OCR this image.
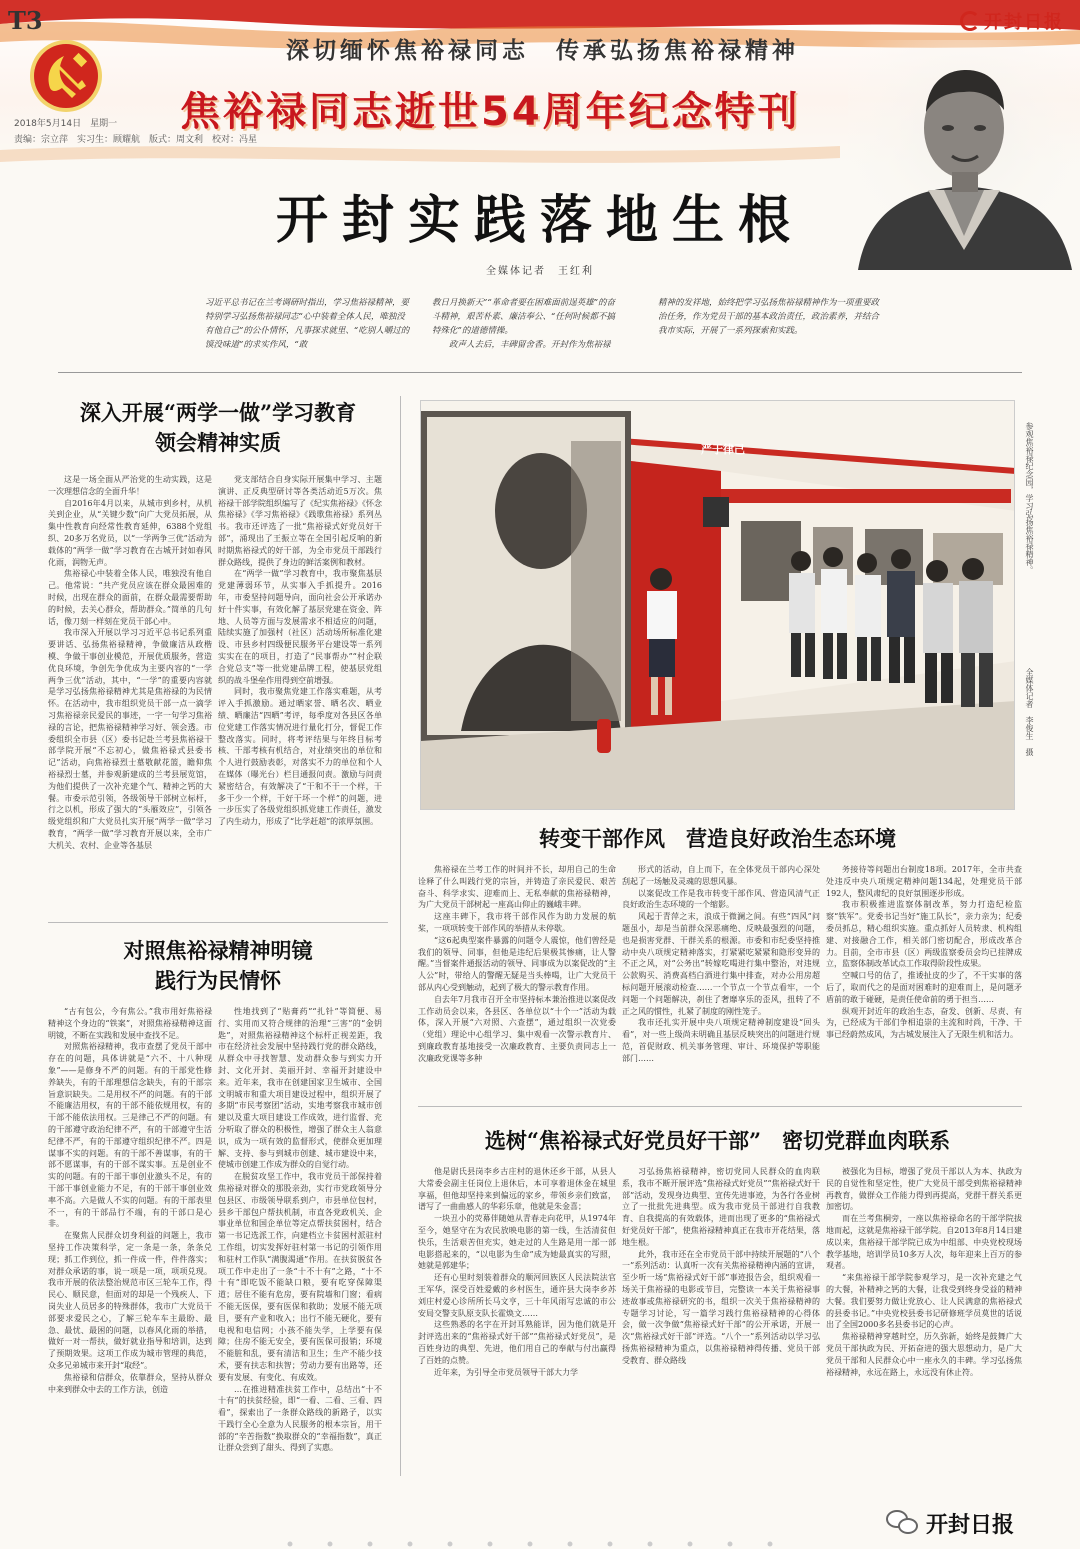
T3	开封日报
深切缅怀焦裕禄同志　传承弘扬焦裕禄精神
焦裕禄同志逝世54周年纪念特刊
2018年5月14日　星期一
责编：宗立萍　实习生：顾耀航　版式：周文利　校对：冯星
开封实践落地生根
全媒体记者　王红利
习近平总书记在兰考调研时指出，学习焦裕禄精神，要特别学习弘扬焦裕禄同志“心中装着全体人民，唯独没有他自己”的公仆情怀，凡事探求就里、“吃别人嚼过的馍没味道”的求实作风，“敢
教日月换新天”“革命者要在困难面前逞英雄”的奋斗精神，艰苦朴素、廉洁奉公、“任何时候都不搞特殊化”的道德情操。
政声人去后，丰碑留舍香。开封作为焦裕禄
精神的发祥地，始终把学习弘扬焦裕禄精神作为一项重要政治任务，作为党员干部的基本政治责任，政治素养，并结合我市实际，开展了一系列探索和实践。
深入开展“两学一做”学习教育
领会精神实质

这是一场全面从严治党的生动实践，这是一次理想信念的全面升华！

自2016年4月以来，从城市到乡村，从机关到企业，从“关键少数”向广大党员拓展，从集中性教育向经常性教育延伸，6388个党组织、20多万名党员，以“一学两争三优”活动为载体的“两学一做”学习教育在古城开封如春风化雨，润物无声。

焦裕禄心中装着全体人民，唯独没有他自己。他常说：“共产党员应该在群众最困难的时候，出现在群众的面前，在群众最需要帮助的时候，去关心群众，帮助群众。”简单的几句话，像刀刻一样刻在党员干部心中。

我市深入开展以学习习近平总书记系列重要讲话、弘扬焦裕禄精神，争做廉洁从政楷模、争做干事创业模范，开展优质服务，营造优良环境，争创先争优成为主要内容的“一学两争三优”活动，其中，“一学”的重要内容就是学习弘扬焦裕禄精神尤其是焦裕禄的为民情怀。在活动中，我市组织党员干部一点一滴学习焦裕禄亲民爱民的事迹，一字一句学习焦裕禄的言论，把焦裕禄精神学习好、领会透。市委组织全市县（区）委书记赴兰考县焦裕禄干部学院开展“不忘初心，做焦裕禄式县委书记”活动，向焦裕禄烈士墓敬献花篮，瞻仰焦裕禄烈士墓，并参观新建成的兰考县展览馆，为他们提供了一次补充建个气、精神之钙的大餐。市委示范引领，各级领导干部树立标杆，行之以机，形成了强大的“头雁效应”，引领各级党组织和广大党员扎实开展“两学一做”学习教育，“两学一做”学习教育开展以来，全市广大机关、农村、企业等各基层

党支部结合自身实际开展集中学习、主题演讲、正反典型研讨等各类活动近5万次。焦裕禄干部学院组织编写了《纪实焦裕禄》《怀念焦裕禄》《学习焦裕禄》《践歌焦裕禄》系列丛书。我市还评选了一批“焦裕禄式好党员好干部”，涌现出了王振立等在全国引起反响的新时期焦裕禄式的好干部，为全市党员干部践行群众路线，提供了身边的鲜活案例和教材。

在“两学一做”学习教育中，我市聚焦基层党建薄弱环节，从实事入手抓提升。2016年，市委坚持问题导向，面向社会公开承诺办好十件实事，有效化解了基层党建在资金、阵地、人员等方面与发展需求不相适应的问题，陆续实施了加强村（社区）活动场所标准化建设、市县乡村四级便民服务平台建设等一系列实实在在的项目，打造了“民事帮办”“村企联合党总支”等一批党建品牌工程，使基层党组织的战斗堡垒作用得到空前增强。

同时，我市聚焦党建工作落实难题，从考评入手抓激励。通过晒家誉、晒名次、晒业绩、晒廉洁“四晒”考评，每季度对各县区各单位党建工作落实情况进行量化打分，督促工作整改落实。同时，将考评结果与年终目标考核、干部考核有机结合，对业绩突出的单位和个人进行鼓励表彰，对落实不力的单位和个人在媒体（曝光台）栏目通报问责。激励与问责紧密结合，有效解决了“干和不干一个样，干多干少一个样，干好干坏一个样”的问题，进一步压实了各级党组织抓党建工作责任，激发了内生动力，形成了“比学赶超”的浓厚氛围。

对照焦裕禄精神明镜
践行为民情怀

“古有包公，今有焦公。”我市用好焦裕禄精神这个身边的“铁案”，对照焦裕禄精神这面明镜，不断在实践和发展中查找不足。

对照焦裕禄精神，我市查摆了党员干部中存在的问题，具体讲就是“六不、十八种现象”——是修身不严的问题。有的干部党性修养缺失，有的干部理想信念缺失，有的干部宗旨意识缺失。二是用权不严的问题。有的干部不能廉洁用权，有的干部不能依规用权，有的干部不能依法用权。三是律己不严的问题。有的干部遵守政治纪律不严，有的干部遵守生活纪律不严，有的干部遵守组织纪律不严。四是谋事不实的问题。有的干部不善谋事，有的干部不愿谋事，有的干部不谋实事。五是创业不实的问题。有的干部干事创业激头不足，有的干部干事创业能力不足，有的干部干事创业效率不高。六是做人不实的问题。有的干部表里不一，有的干部品行不端，有的干部口是心非。

在聚焦人民群众切身利益的问题上，我市坚持工作决策科学，定一条是一条，条条兑现；抓工作到位，抓一件成一件，件件落实；对群众承诺的事，说一项是一项，项项兑现。我市开展的依法整治规范市区三轮车工作，得民心、顺民意，但面对的却是一个残疾人、下岗失业人员居多的特殊群体，我市广大党员干部要求爱民之心，了解三轮车车主最盼、最急、最忧、最困的问题，以春风化雨的举措，做好一对一帮扶，做好就业指导和培训，达到了预期效果。这项工作成为城市管理的典范，众多兄弟城市来开封“取经”。

焦裕禄和信群众，依靠群众，坚持从群众中来到群众中去的工作方法，创造

性地找到了“贴膏药”“扎针”等简便、易行、实用而又符合规律的治理“三害”的“金钥匙”，对照焦裕禄精神这个标杆正视差距，我市在经济社会发展中坚持践行党的群众路线，从群众中寻找智慧、发动群众参与到实力开封、文化开封、美丽开封、幸福开封建设中来。近年来，我市在创建国家卫生城市、全国文明城市和重大项目建设过程中，组织开展了多期“市民考察团”活动，实地考察我市城市创建以及重大项目建设工作成效，进行监督、充分听取了群众的积极性，增强了群众主人翁意识，成为一项有效的监督形式，使群众更加理解、支持、参与到城市创建、城市建设中来，使城市创建工作成为群众的自觉行动。

在脱贫攻坚工作中，我市党员干部保持着焦裕禄对群众的那股亲劲，实行市党政领导分包县区、市级领导联系到户，市县单位包村，县乡干部包户帮扶机制，市直各党政机关、企事业单位和国企单位等定点帮扶贫困村，结合第一书记选派工作，向建档立卡贫困村派驻村工作组，切实发挥好驻村第一书记的引领作用和驻村工作队“满腹渴通”作用。在扶贫脱贫各项工作中走出了一条“十不十有”之路，“十不十有”即吃饭不能缺口粮，要有吃穿保障渠道；居住不能有危房，要有院墙和门窗；看病不能无医保，要有医保和救助；发展不能无项目，要有产业和收入；出行不能无硬化，要有电视和电信网；小孩不能失学，上学要有保障；住房不能无安全，要有医保可报销；环境不能脏和乱，要有清洁和卫生；生产不能少技术，要有扶志和扶智；劳动力要有出路等，还要有发展、有变化、有成效。

…在推进精准扶贫工作中，总结出“十不十有”的扶贫经验，即“一看、二看、三看、四看”，探索出了一条群众路线的新路子，以实干践行全心全意为人民服务的根本宗旨，用干部的“辛苦指数”换取群众的“幸福指数”，真正让群众尝到了甜头、得到了实惠。

严于律己	参观焦裕禄纪念园，学习弘扬焦裕禄精神。
全媒体记者　李俊生　摄
转变干部作风　营造良好政治生态环境

焦裕禄在兰考工作的时间并不长，却用自己的生命诠释了什么叫践行党的宗旨，并铸造了亲民爱民、艰苦奋斗、科学求实、迎难而上、无私奉献的焦裕禄精神，为广大党员干部树起一座高山仰止的巍峨丰碑。

这座丰碑下，我市将干部作风作为助力发展的航桨，一项项转变干部作风的举措从未停歇。

“这6起典型案件暴露的问题令人震惊，他们曾经是我们的领导、同事，但他是违纪后果极其惨痛，让人警醒。”当督案件通报活动的领导、同事成为以案促改的“主人公”时，带给人的警醒无疑是当头棒喝，让广大党员干部从内心受到触动，起到了极大的警示教育作用。

自去年7月我市召开全市坚持标本兼治推进以案促改工作动员会以来，各县区、各单位以“十个一”活动为载体，深入开展“六对照、六查摆”，通过组织一次党委（党组）理论中心组学习、集中观看一次警示教育片、到廉政教育基地接受一次廉政教育、主要负责同志上一次廉政党课等多种

形式的活动，自上而下，在全体党员干部内心深处刮起了一场触及灵魂的思想风暴。

以案促改工作是我市转变干部作风、营造风清气正良好政治生态环境的一个缩影。

风起于青萍之末，浪成于微澜之间。有些“四风”问题虽小，却是当前群众深恶痛绝、反映最强烈的问题，也是损害党群、干群关系的根源。市委和市纪委坚持推动中央八项规定精神落实，打紧紧吃紧紧和隐形变异的不正之风，对“公务出”转嫁吃喝进行集中整治，对违规公款购买、消费高档白酒进行集中排查，对办公用房超标问题开展滚动检查……一个节点一个节点看牢，一个问题一个问题解决，刹住了奢靡享乐的歪风，扭转了不正之风的惯性，扎紧了制度的刚性笼子。

我市还扎实开展中央八项规定精神制度建设“回头看”，对一些上级尚未明确且基层反映突出的问题进行规范，首促财政、机关事务管理、审计、环境保护等职能部门……

务接待等问题出台制度18项。2017年，全市共查处违反中央八项规定精神问题134起，处理党员干部192人，整风肃纪的良好氛围逐步形成。

我市积极推进监察体制改革，努力打造纪检监察“铁军”。党委书记当好“施工队长”，亲力亲为；纪委委员抓总，精心组织实施。重点抓好人员转隶、机构组建、对接融合工作，相关部门密切配合，形成改革合力。目前，全市市县（区）两级监察委员会均已挂牌成立，监察体制改革试点工作取得阶段性成果。

空喊口号的估了，推诿扯皮的少了，不干实事的落后了，取而代之的是面对困难时的迎难而上，是问题矛盾前的敢于碰硬，是责任使命前的勇于担当……

纵观开封近年的政治生态，奋发、创新、尽责、有为，已经成为干部们争相追崇的主流和时尚，干净、干事已经蔚然成风，为古城发展注入了无限生机和活力。

选树“焦裕禄式好党员好干部”　密切党群血肉联系

他是尉氏县岗李乡古庄村的退休还乡干部，从县人大常委会副主任岗位上退休后，本可享着退休金在城里享福，但他却坚持来到偏远的家乡，带领乡亲们致富，谱写了一曲曲感人的华彩乐章，他就是朱金喜；

一块丑小的荧幕伴随她从青春走向花甲，从1974年至今，她坚守在为农民放映电影的第一线，生活清贫但快乐，生活艰苦但充实，她走过的人生路是用一部一部电影搭起来的，“以电影为生命”成为她最真实的写照，她就是郭建华；

还有心里时刻装着群众的顺河回族区人民法院法官王军华，深受百姓爱戴的乡村医生，通许县大岗李乡苏刘庄村爱心诊所所长马文亨，三十年风雨写忠诚的市公安局交警支队原支队长霍焕文……

这些熟悉的名字在开封耳熟能详，因为他们就是开封评选出来的“焦裕禄式好干部”“焦裕禄式好党员”，是百姓身边的典型、先进，他们用自己的奉献与付出赢得了百姓的点赞。

近年来，为引导全市党员领导干部大力学

习弘扬焦裕禄精神，密切党同人民群众的血肉联系，我市不断开展评选“焦裕禄式好党员”“焦裕禄式好干部”活动，发现身边典型、宣传先进事迹，为各行各业树立了一批批先进典型。成为我市党员干部进行自我教育、自我提高的有效载体，进而出现了更多的“焦裕禄式好党员好干部”，使焦裕禄精神真正在我市开花结果，落地生根。

此外，我市还在全市党员干部中持续开展题的“八个一”系列活动：认真听一次有关焦裕禄精神内涵的宣讲，至少听一场“焦裕禄式好干部”事迹报告会，组织观看一场关于焦裕禄的电影或节目，完整读一本关于焦裕禄事迹故事或焦裕禄研究的书，组织一次关于焦裕禄精神的专题学习讨论，写一篇学习践行焦裕禄精神的心得体会，做一次争做“焦裕禄式好干部”的公开承诺，开展一次“焦裕禄式好干部”评选。“八个一”系列活动以学习弘扬焦裕禄精神为重点，以焦裕禄精神得传播、党员干部受教育、群众路线

被强化为目标，增强了党员干部以人为本、执政为民的自觉性和坚定性，使广大党员干部受到焦裕禄精神再教育，做群众工作能力得到再提高，党群干群关系更加密切。

而在兰考焦桐旁，一座以焦裕禄命名的干部学院拔地而起，这就是焦裕禄干部学院。自2013年8月14日建成以来，焦裕禄干部学院已成为中组部、中央党校现场教学基地，培训学员10多万人次，每年迎来上百万的参观者。

“来焦裕禄干部学院参观学习，是一次补充建之气的大餐，补精神之钙的大餐，让我受到终身受益的精神大餐。我们要努力做让党放心、让人民满意的焦裕禄式的县委书记。”中央党校县委书记研修班学员莫世的话说出了全国2000多名县委书记的心声。

焦裕禄精神穿越时空，历久弥新，始终是鼓舞广大党员干部执政为民、开拓奋进的强大思想动力，是广大党员干部和人民群众心中一座永久的丰碑。学习弘扬焦裕禄精神，永远在路上，永远没有休止符。

开封日报
